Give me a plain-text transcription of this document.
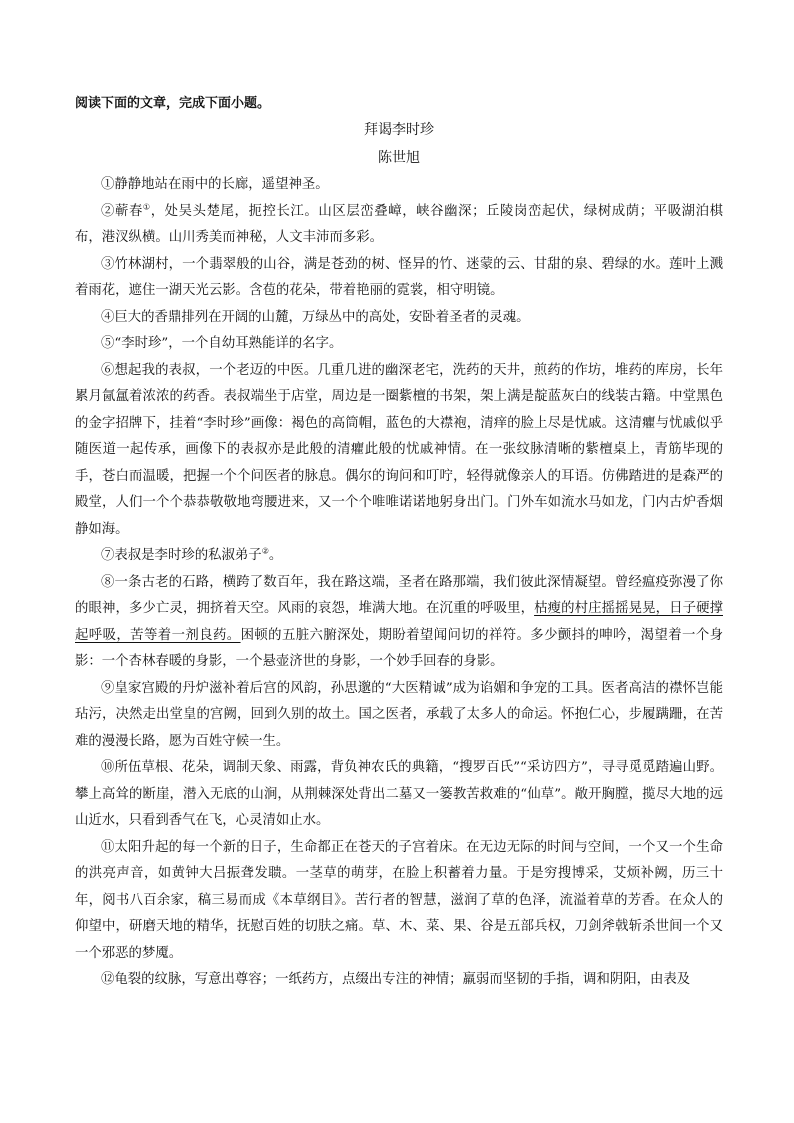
阅读下面的文章，完成下面小题。
拜谒李时珍
陈世旭

①静静地站在雨中的长廊，遥望神圣。

②蕲春①，处吴头楚尾，扼控长江。山区层峦叠嶂，峡谷幽深；丘陵岗峦起伏，绿树成荫；平吸湖泊棋布，港汊纵横。山川秀美而神秘，人文丰沛而多彩。

③竹林湖村，一个翡翠般的山谷，满是苍劲的树、怪异的竹、迷蒙的云、甘甜的泉、碧绿的水。莲叶上溅着雨花，遮住一湖天光云影。含苞的花朵，带着艳丽的霓裳，相守明镜。

④巨大的香鼎排列在开阔的山麓，万绿丛中的高处，安卧着圣者的灵魂。

⑤“李时珍”，一个自幼耳熟能详的名字。

⑥想起我的表叔，一个老迈的中医。几重几进的幽深老宅，洗药的天井，煎药的作坊，堆药的库房，长年累月氤氲着浓浓的药香。表叔端坐于店堂，周边是一圈紫檀的书架，架上满是靛蓝灰白的线装古籍。中堂黑色的金字招牌下，挂着“李时珍”画像：褐色的高筒帽，蓝色的大襟袍，清痒的脸上尽是忧戚。这清癯与忧戚似乎随医道一起传承，画像下的表叔亦是此般的清癯此般的忧戚神情。在一张纹脉清晰的紫檀桌上，青筋毕现的手，苍白而温暖，把握一个个问医者的脉息。偶尔的询问和叮咛，轻得就像亲人的耳语。仿佛踏进的是森严的殿堂，人们一个个恭恭敬敬地弯腰进来，又一个个唯唯诺诺地躬身出门。门外车如流水马如龙，门内古炉香烟静如海。

⑦表叔是李时珍的私淑弟子②。

⑧一条古老的石路，横跨了数百年，我在路这端，圣者在路那端，我们彼此深情凝望。曾经瘟疫弥漫了你的眼神，多少亡灵，拥挤着天空。风雨的哀怨，堆满大地。在沉重的呼吸里，枯瘦的村庄摇摇晃晃，日子硬撑起呼吸，苦等着一剂良药。困顿的五脏六腑深处，期盼着望闻问切的祥符。多少颤抖的呻吟，渴望着一个身影：一个杏林春暖的身影，一个悬壶济世的身影，一个妙手回春的身影。

⑨皇家宫殿的丹炉滋补着后宫的风韵，孙思邈的“大医精诚”成为谄媚和争宠的工具。医者高洁的襟怀岂能玷污，决然走出堂皇的宫阙，回到久别的故土。国之医者，承载了太多人的命运。怀抱仁心，步履蹒跚，在苦难的漫漫长路，愿为百姓守候一生。

⑩所伍草根、花朵，调制天象、雨露，背负神农氏的典籍，“搜罗百氏”“采访四方”，寻寻觅觅踏遍山野。攀上高耸的断崖，潜入无底的山涧，从荆棘深处背出二墓又一篓教苦救难的“仙草”。敞开胸膛，揽尽大地的远山近水，只看到香气在飞，心灵清如止水。

⑪太阳升起的每一个新的日子，生命都正在苍天的子宫着床。在无边无际的时间与空间，一个又一个生命的洪亮声音，如黄钟大吕振聋发聩。一茎草的萌芽，在脸上积蓄着力量。于是穷搜博采，艾烦补阙，历三十年，阅书八百余家，稿三易而成《本草纲目》。苦行者的智慧，滋润了草的色泽，流溢着草的芳香。在众人的仰望中，研磨天地的精华，抚慰百姓的切肤之痛。草、木、菜、果、谷是五部兵权，刀剑斧戟斩杀世间一个又一个邪恶的梦魇。

⑫龟裂的纹脉，写意出尊容；一纸药方，点缀出专注的神情；羸弱而坚韧的手指，调和阴阳，由表及
